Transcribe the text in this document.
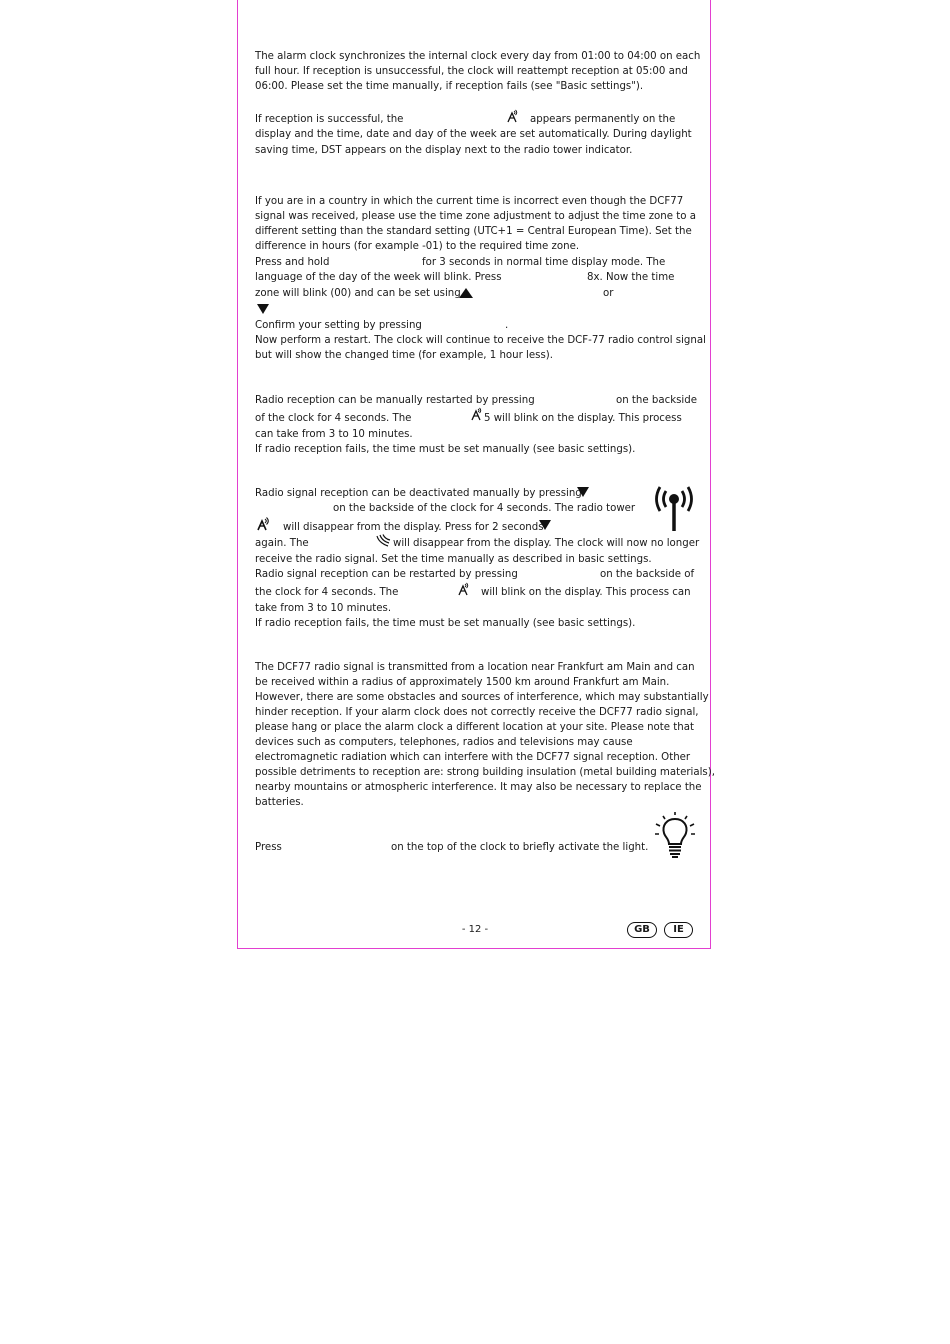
The alarm clock synchronizes the internal clock every day from 01:00 to 04:00 on each
full hour. If reception is unsuccessful, the clock will reattempt reception at 05:00 and
06:00. Please set the time manually, if reception fails (see "Basic settings").
If reception is successful, the	appears permanently on the
display and the time, date and day of the week are set automatically. During daylight
saving time, DST appears on the display next to the radio tower indicator.
If you are in a country in which the current time is incorrect even though the DCF77
signal was received, please use the time zone adjustment to adjust the time zone to a
different setting than the standard setting (UTC+1 = Central European Time). Set the
difference in hours (for example -01) to the required time zone.
Press and hold	for 3 seconds in normal time display mode. The
language of the day of the week will blink. Press	8x. Now the time
zone will blink (00) and can be set using	or
Confirm your setting by pressing	.
Now perform a restart. The clock will continue to receive the DCF-77 radio control signal
but will show the changed time (for example, 1 hour less).
Radio reception can be manually restarted by pressing	on the backside
of the clock for 4 seconds. The	5 will blink on the display. This process
can take from 3 to 10 minutes.
If radio reception fails, the time must be set manually (see basic settings).
Radio signal reception can be deactivated manually by pressing
on the backside of the clock for 4 seconds. The radio tower
will disappear from the display. Press for 2 seconds
again. The	will disappear from the display. The clock will now no longer
receive the radio signal. Set the time manually as described in basic settings.
Radio signal reception can be restarted by pressing	on the backside of
the clock for 4 seconds. The	will blink on the display. This process can
take from 3 to 10 minutes.
If radio reception fails, the time must be set manually (see basic settings).
The DCF77 radio signal is transmitted from a location near Frankfurt am Main and can
be received within a radius of approximately 1500 km around Frankfurt am Main.
However, there are some obstacles and sources of interference, which may substantially
hinder reception. If your alarm clock does not correctly receive the DCF77 radio signal,
please hang or place the alarm clock a different location at your site. Please note that
devices such as computers, telephones, radios and televisions may cause
electromagnetic radiation which can interfere with the DCF77 signal reception. Other
possible detriments to reception are: strong building insulation (metal building materials),
nearby mountains or atmospheric interference. It may also be necessary to replace the
batteries.
Press	on the top of the clock to briefly activate the light.
- 12 -	GB	IE
